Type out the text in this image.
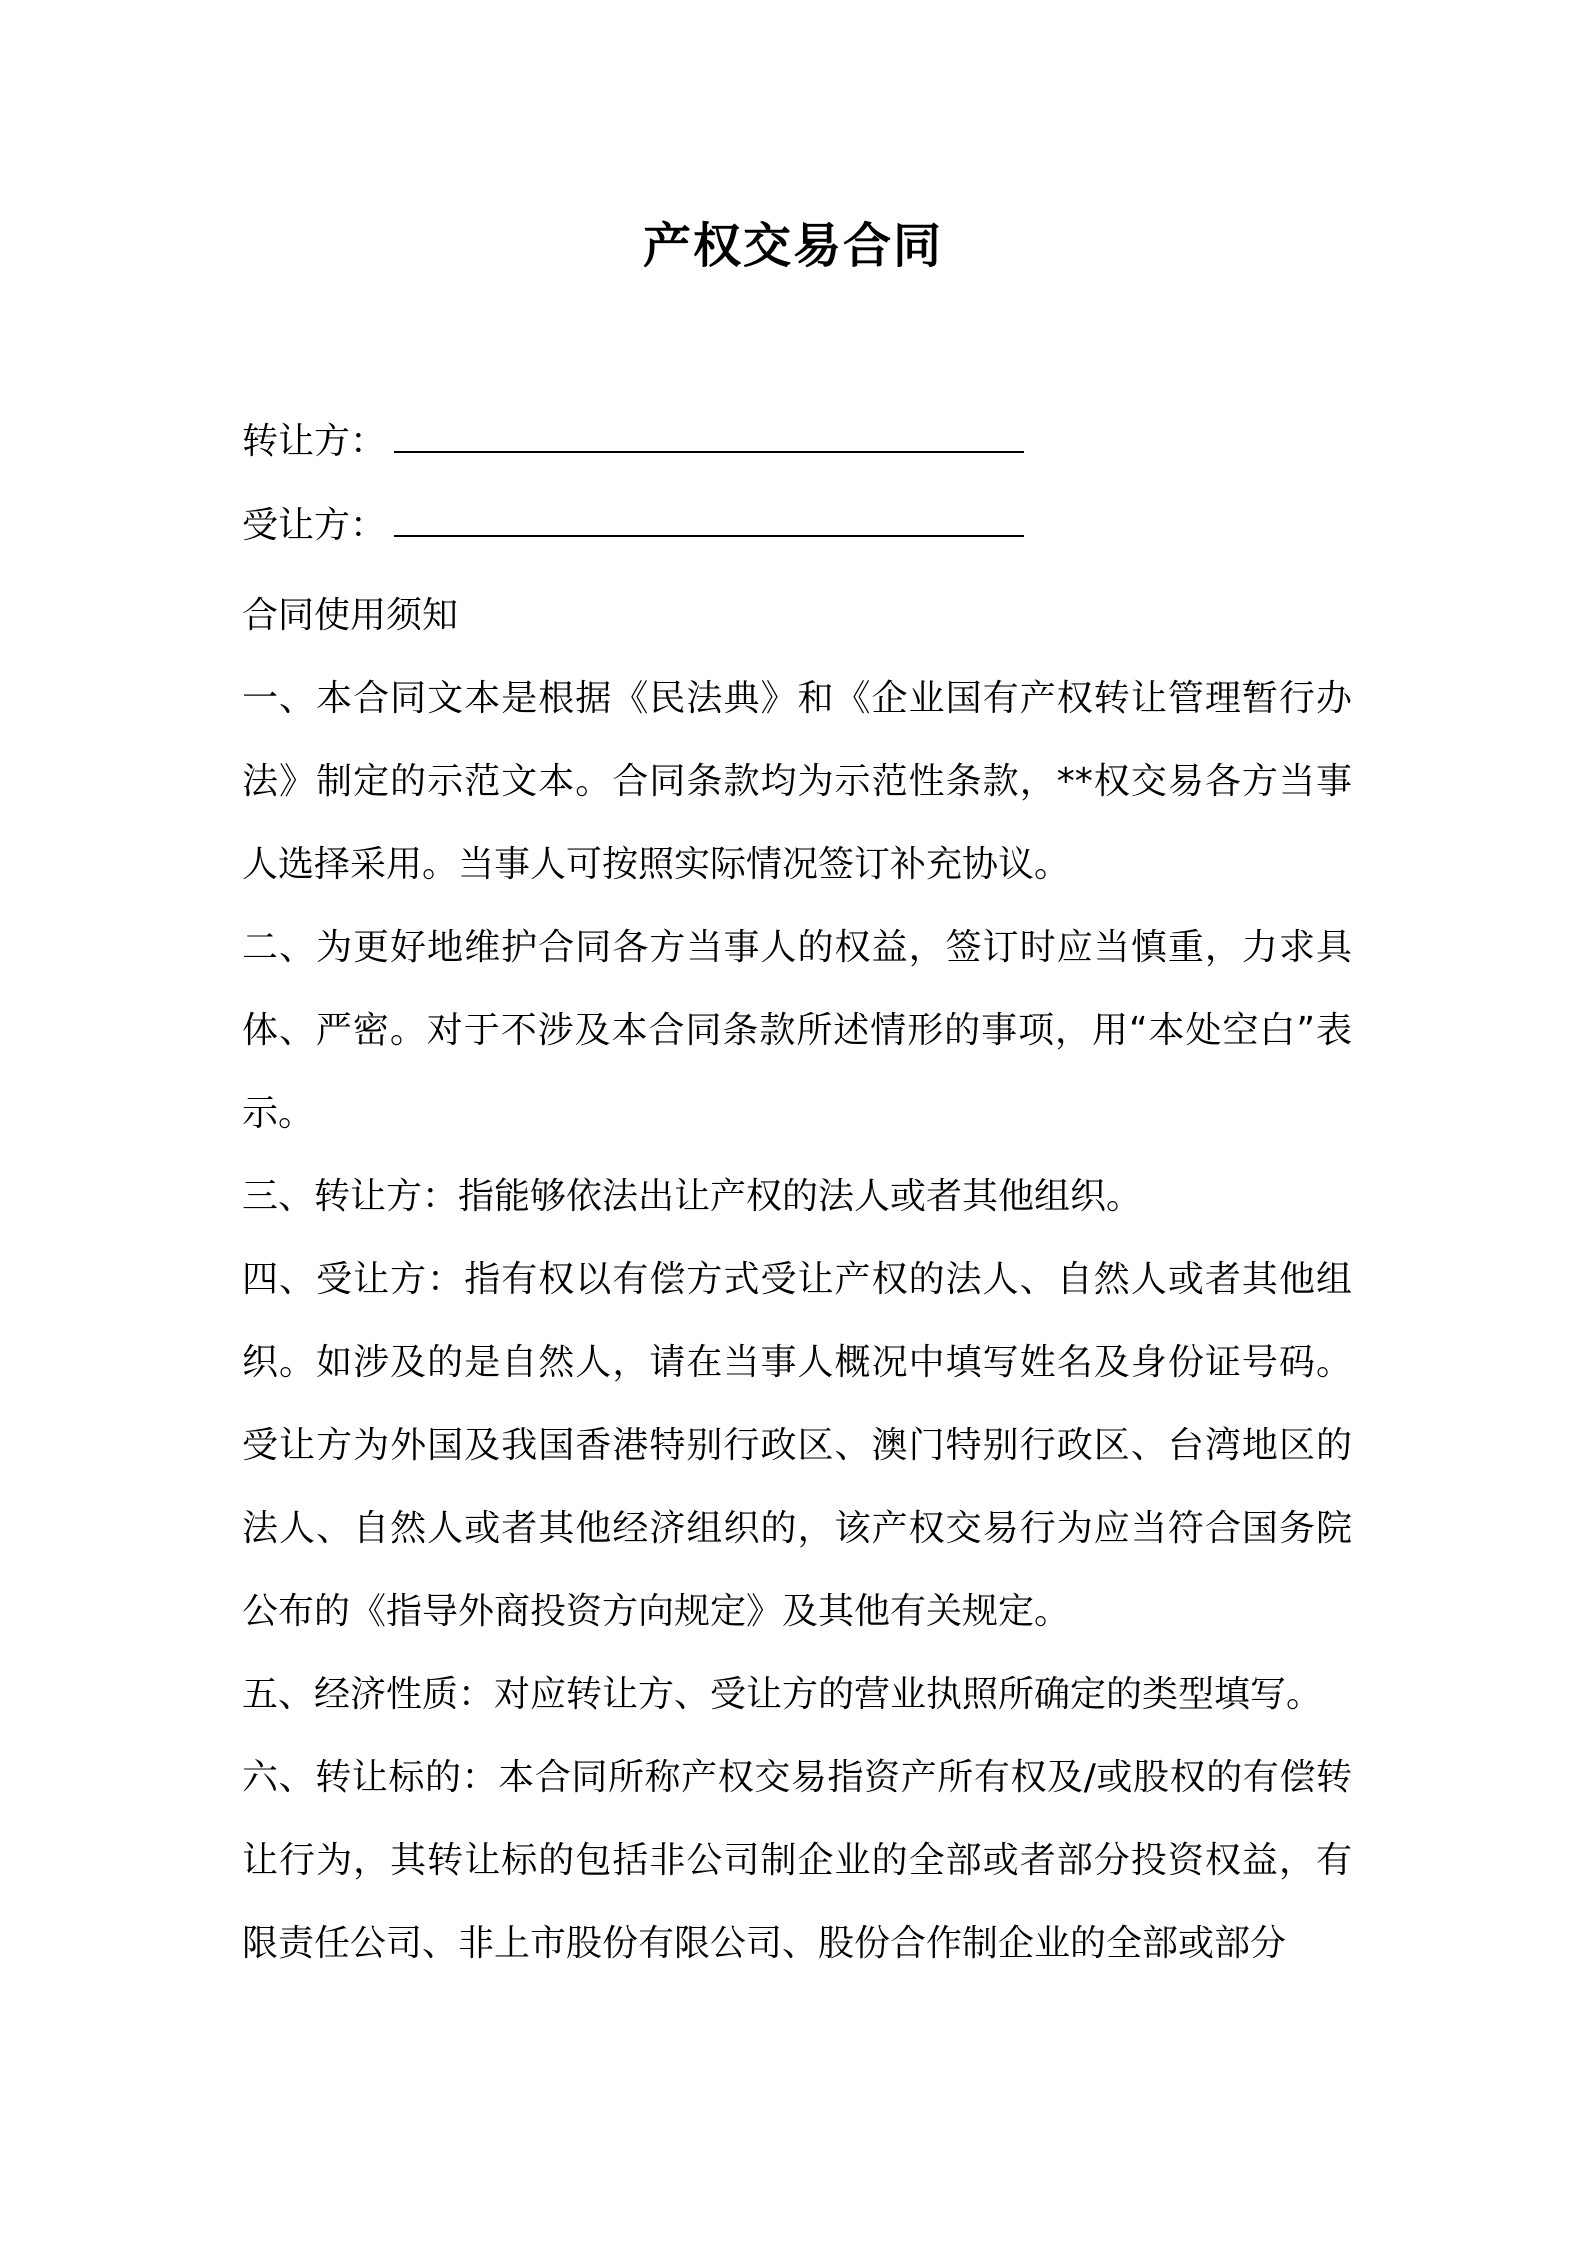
产权交易合同
转让方：
受让方：

合同使用须知

一、本合同文本是根据《民法典》和《企业国有产权转让管理暂行办法》制定的示范文本。合同条款均为示范性条款，**权交易各方当事人选择采用。当事人可按照实际情况签订补充协议。

二、为更好地维护合同各方当事人的权益，签订时应当慎重，力求具体、严密。对于不涉及本合同条款所述情形的事项，用“本处空白”表示。

三、转让方：指能够依法出让产权的法人或者其他组织。

四、受让方：指有权以有偿方式受让产权的法人、自然人或者其他组织。如涉及的是自然人，请在当事人概况中填写姓名及身份证号码。受让方为外国及我国香港特别行政区、澳门特别行政区、台湾地区的法人、自然人或者其他经济组织的，该产权交易行为应当符合国务院公布的《指导外商投资方向规定》及其他有关规定。

五、经济性质：对应转让方、受让方的营业执照所确定的类型填写。

六、转让标的：本合同所称产权交易指资产所有权及/或股权的有偿转让行为，其转让标的包括非公司制企业的全部或者部分投资权益，有限责任公司、非上市股份有限公司、股份合作制企业的全部或部分
